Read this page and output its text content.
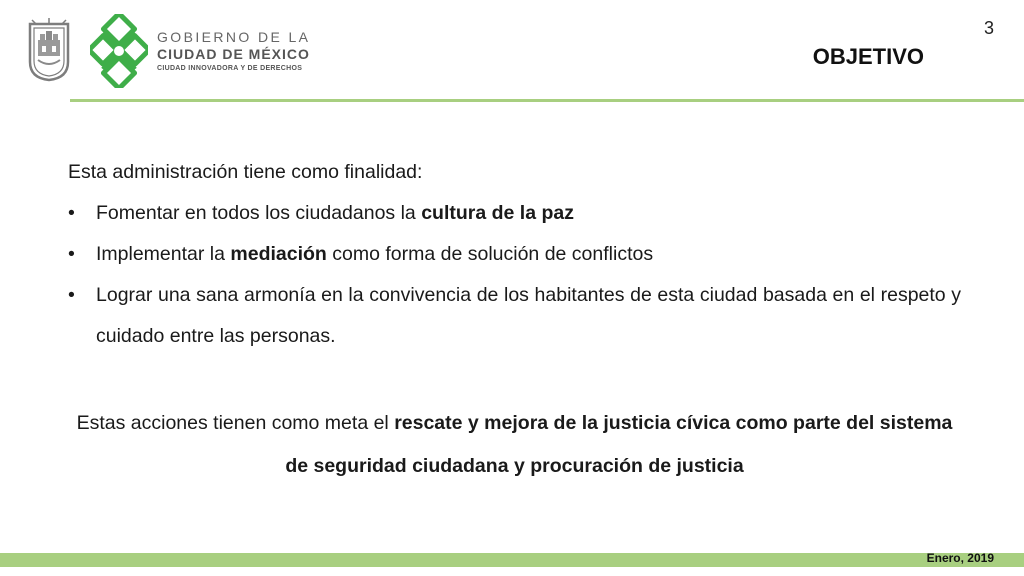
3
GOBIERNO DE LA
CIUDAD DE MÉXICO
CIUDAD INNOVADORA Y DE DERECHOS	OBJETIVO

Esta administración tiene como finalidad:

• Fomentar en todos los ciudadanos la cultura de la paz
• Implementar la mediación como forma de solución de conflictos
• Lograr una sana armonía en la convivencia de los habitantes de esta ciudad basada en el respeto y cuidado entre las personas.
Estas acciones tienen como meta el rescate y mejora de la justicia cívica como parte del sistema de seguridad ciudadana y procuración de justicia
Enero, 2019
